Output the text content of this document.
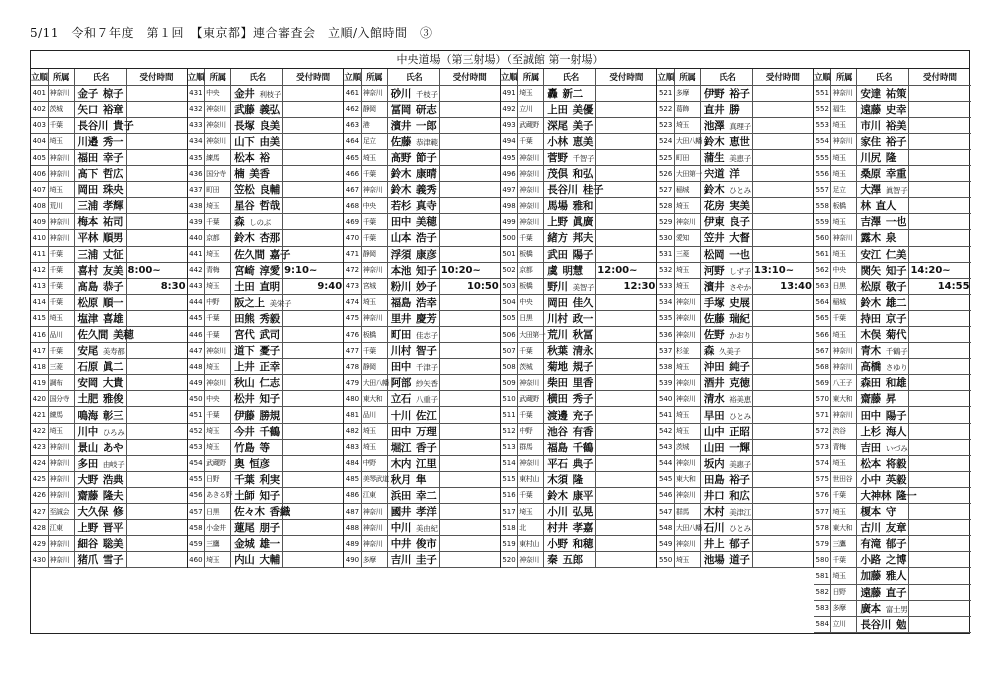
5/11　令和７年度　第１回　【東京都】連合審査会　立順/入館時間　③
中央道場（第三射場）（至誠館 第一射場）
立順	所属	氏名	受付時間
401	神奈川	金子  椋子	
402	茨城	矢口  裕章	
403	千葉	長谷川  貴子	
404	埼玉	川邉  秀一	
405	神奈川	福田  幸子	
406	神奈川	髙下  哲広	
407	埼玉	岡田  珠央	
408	荒川	三浦  孝輝	
409	神奈川	梅本  祐司	
410	神奈川	平林  順男	
411	千葉	三浦  丈征	
412	千葉	喜村  友美	8:00~
413	千葉	髙島  恭子	8:30
414	千葉	松原  順一	
415	埼玉	塩津  喜雄	
416	品川	佐久間  美穂	
417	千葉	安尾  美寿都	
418	三菱	石原  眞二	
419	調布	安岡  大貴	
420	国分寺	土肥  雅俊	
421	練馬	鳴海  彰三	
422	埼玉	川中  ひろみ	
423	神奈川	景山  あや	
424	神奈川	多田  由岐子	
425	神奈川	大野  浩典	
426	神奈川	齋藤  隆夫	
427	至誠会	大久保  修	
428	江東	上野  晋平	
429	神奈川	細谷  聡美	
430	神奈川	猪爪  雪子	
立順	所属	氏名	受付時間
431	中央	金井  利枝子	
432	神奈川	武藤  義弘	
433	神奈川	長塚  良美	
434	神奈川	山下  由美	
435	練馬	松本  裕	
436	国分寺	楠  美香	
437	町田	笠松  良輔	
438	埼玉	星谷  哲哉	
439	千葉	森  しのぶ	
440	京都	鈴木  杏那	
441	埼玉	佐久間  嘉子	
442	青梅	宮崎  淳愛	9:10~
443	埼玉	土田  直明	9:40
444	中野	阪之上  美栄子	
445	千葉	田熊  秀毅	
446	千葉	宮代  武司	
447	神奈川	道下  憂子	
448	埼玉	上井  正幸	
449	神奈川	秋山  仁志	
450	中央	松井  知子	
451	千葉	伊藤  勝規	
452	埼玉	今井  千鶴	
453	埼玉	竹島  等	
454	武蔵野	奥  恒彦	
455	日野	千葉  利実	
456	あきる野	土師  知子	
457	日黒	佐々木  香織	
458	小金井	蓮尾  朋子	
459	三鷹	金城  雄一	
460	埼玉	内山  大輔	
立順	所属	氏名	受付時間
461	神奈川	砂川  千枝子	
462	静岡	冨岡  研志	
463	港	濱井  一郎	
464	足立	佐藤  恭津範	
465	埼玉	髙野  節子	
466	千葉	鈴木  康晴	
467	神奈川	鈴木  義秀	
468	中央	若杉  真寺	
469	千葉	田中  美穂	
470	千葉	山本  浩子	
471	静岡	浮須  康彦	
472	神奈川	本池  知子	10:20~
473	宮城	粉川  妙子	10:50
474	埼玉	福島  浩幸	
475	神奈川	里井  慶芳	
476	板橋	町田  佳志子	
477	千葉	川村  智子	
478	静岡	田中  千津子	
479	大田八幡	阿部  紗矢香	
480	東大和	立石  八重子	
481	品川	十川  佐江	
482	埼玉	田中  万理	
483	埼玉	堀江  香子	
484	中野	木内  江里	
485	美琴武道	秋月  隼	
486	江東	浜田  幸二	
487	神奈川	國井  孝洋	
488	神奈川	中川  美由紀	
489	神奈川	中井  俊市	
490	多摩	吉川  圭子	
立順	所属	氏名	受付時間
491	埼玉	轟  新二	
492	立川	上田  美優	
493	武蔵野	深尾  美子	
494	千葉	小林  恵美	
495	神奈川	菅野  千智子	
496	神奈川	茂倶  和弘	
497	神奈川	長谷川  桂子	
498	神奈川	馬場  雅和	
499	神奈川	上野  眞廣	
500	千葉	緒方  邦夫	
501	板橋	武田  陽子	
502	京都	虞  明慧	12:00~
503	板橋	野川  美智子	12:30
504	中央	岡田  佳久	
505	日黒	川村  政一	
506	大田第一	荒川  秋冨	
507	千葉	秋葉  清永	
508	茨城	菊地  規子	
509	神奈川	柴田  里香	
510	武蔵野	横田  秀子	
511	千葉	渡邊  充子	
512	中野	池谷  有香	
513	群馬	福島  千鶴	
514	神奈川	平石  典子	
515	東村山	木須  隆	
516	千葉	鈴木  康平	
517	埼玉	小川  弘晃	
518	北	村井  孝嘉	
519	東村山	小野  和穂	
520	神奈川	秦  五郎	
立順	所属	氏名	受付時間
521	多摩	伊野  裕子	
522	葛飾	直井  勝	
523	埼玉	池澤  真理子	
524	大田八幡	鈴木  恵世	
525	町田	蒲生  美恵子	
526	大田第一	宍道  洋	
527	稲城	鈴木  ひとみ	
528	埼玉	花房  実美	
529	神奈川	伊東  良子	
530	愛知	笠井  大督	
531	三菱	松岡  一也	
532	埼玉	河野  しず子	13:10~
533	埼玉	濱井  さやか	13:40
534	神奈川	手塚  史展	
535	神奈川	佐藤  瑞紀	
536	神奈川	佐野  かおり	
537	杉並	森  久美子	
538	埼玉	沖田  純子	
539	神奈川	酒井  克徳	
540	神奈川	清水  裕美恵	
541	埼玉	早田  ひとみ	
542	埼玉	山中  正昭	
543	茨城	山田  一輝	
544	神奈川	坂内  美惠子	
545	東大和	田島  裕子	
546	神奈川	井口  和広	
547	群馬	木村  美津江	
548	大田八幡	石川  ひとみ	
549	神奈川	井上  郁子	
550	埼玉	池場  道子	
立順	所属	氏名	受付時間
551	神奈川	安達  祐策	
552	福生	遠藤  史幸	
553	埼玉	市川  裕美	
554	神奈川	家住  裕子	
555	埼玉	川尻  隆	
556	埼玉	桑原  幸重	
557	足立	大澤  眞智子	
558	板橋	林  直人	
559	埼玉	吉澤  一也	
560	神奈川	露木  泉	
561	埼玉	安江  仁美	
562	中央	関矢  知子	14:20~
563	日黒	松原  敬子	14:55
564	稲城	鈴木  雄二	
565	千葉	持田  京子	
566	埼玉	木俣  菊代	
567	神奈川	青木  千鶴子	
568	神奈川	高橋  さゆり	
569	八王子	森田  和雄	
570	東大和	齋藤  昇	
571	神奈川	田中  陽子	
572	渋谷	上杉  海人	
573	青梅	吉田  いづみ	
574	埼玉	松本  将毅	
575	世田谷	小中  英毅	
576	千葉	大神林  隆一	
577	埼玉	榎本  守	
578	東大和	古川  友章	
579	三鷹	有滝  郁子	
580	千葉	小路  之博	
581	埼玉	加藤  雅人	
582	日野	遠藤  直子	
583	多摩	廣本  富士男	
584	立川	長谷川  勉	
